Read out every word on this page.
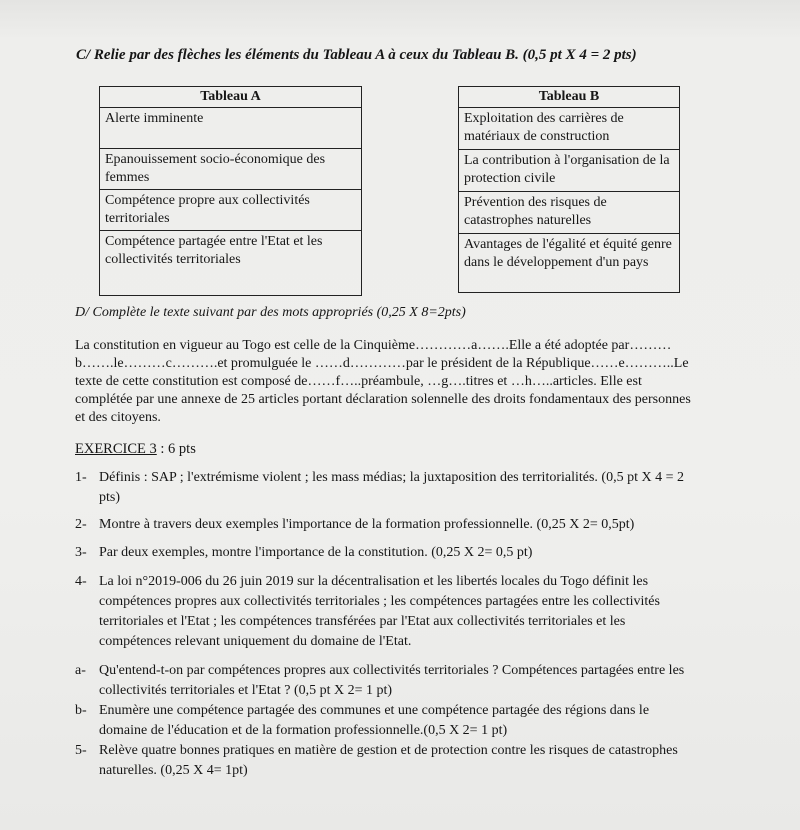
C/ Relie par des flèches les éléments du Tableau A à ceux du Tableau B. (0,5 pt X 4 = 2 pts)
Tableau A
Alerte imminente
Epanouissement socio-économique des femmes
Compétence propre aux collectivités territoriales
Compétence partagée entre l'Etat et les collectivités territoriales
Tableau B
Exploitation des carrières de matériaux de construction
La contribution à l'organisation de la protection civile
Prévention des risques de catastrophes naturelles
Avantages de l'égalité et équité genre dans le développement d'un pays
D/ Complète le texte suivant par des mots appropriés (0,25 X 8=2pts)
La constitution en vigueur au Togo est celle de la Cinquième…………a…….Elle a été adoptée par………b…….le………c……….et promulguée le ……d…………par le président de la République……e………..Le texte de cette constitution est composé de……f…..préambule, …g….titres et …h…..articles. Elle est complétée par une annexe de 25 articles portant déclaration solennelle des droits fondamentaux des personnes et des citoyens.
EXERCICE 3 : 6 pts
1- Définis : SAP ; l'extrémisme violent ; les mass médias; la juxtaposition des territorialités. (0,5 pt X 4 = 2 pts)
2- Montre à travers deux exemples l'importance de la formation professionnelle. (0,25 X 2= 0,5pt)
3- Par deux exemples, montre l'importance de la constitution. (0,25 X 2= 0,5 pt)
4- La loi n°2019-006 du 26 juin 2019 sur la décentralisation et les libertés locales du Togo définit les compétences propres aux collectivités territoriales ; les compétences partagées entre les collectivités territoriales et l'Etat ; les compétences transférées par l'Etat aux collectivités territoriales et les compétences relevant uniquement du domaine de l'Etat.
a- Qu'entend-t-on par compétences propres aux collectivités territoriales ? Compétences partagées entre les collectivités territoriales et l'Etat ? (0,5 pt X 2= 1 pt)
b- Enumère une compétence partagée des communes et une compétence partagée des régions dans le domaine de l'éducation et de la formation professionnelle.(0,5 X 2= 1 pt)
5- Relève quatre bonnes pratiques en matière de gestion et de protection contre les risques de catastrophes naturelles. (0,25 X 4= 1pt)
